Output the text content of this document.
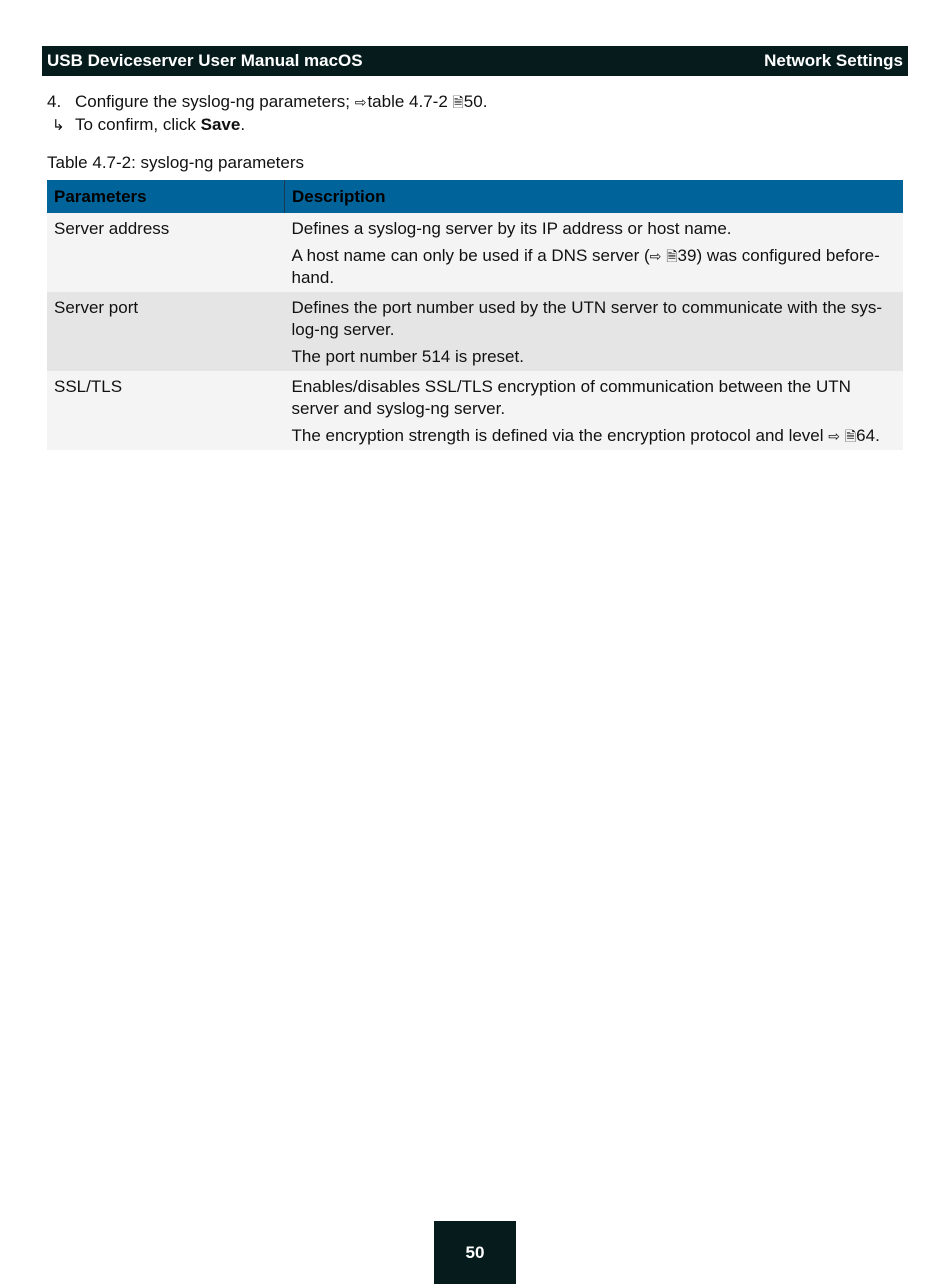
USB Deviceserver User Manual macOS	Network Settings
4. Configure the syslog-ng parameters; ⇨table 4.7-2 🗎50.
↳ To confirm, click Save.
Table 4.7-2: syslog-ng parameters
Parameters	Description
Server address	Defines a syslog-ng server by its IP address or host name.

A host name can only be used if a DNS server (⇨ 🗎39) was configured before-hand.

Server port	Defines the port number used by the UTN server to communicate with the sys-log-ng server.

The port number 514 is preset.

SSL/TLS	Enables/disables SSL/TLS encryption of communication between the UTN server and syslog-ng server.

The encryption strength is defined via the encryption protocol and level ⇨ 🗎64.

50
